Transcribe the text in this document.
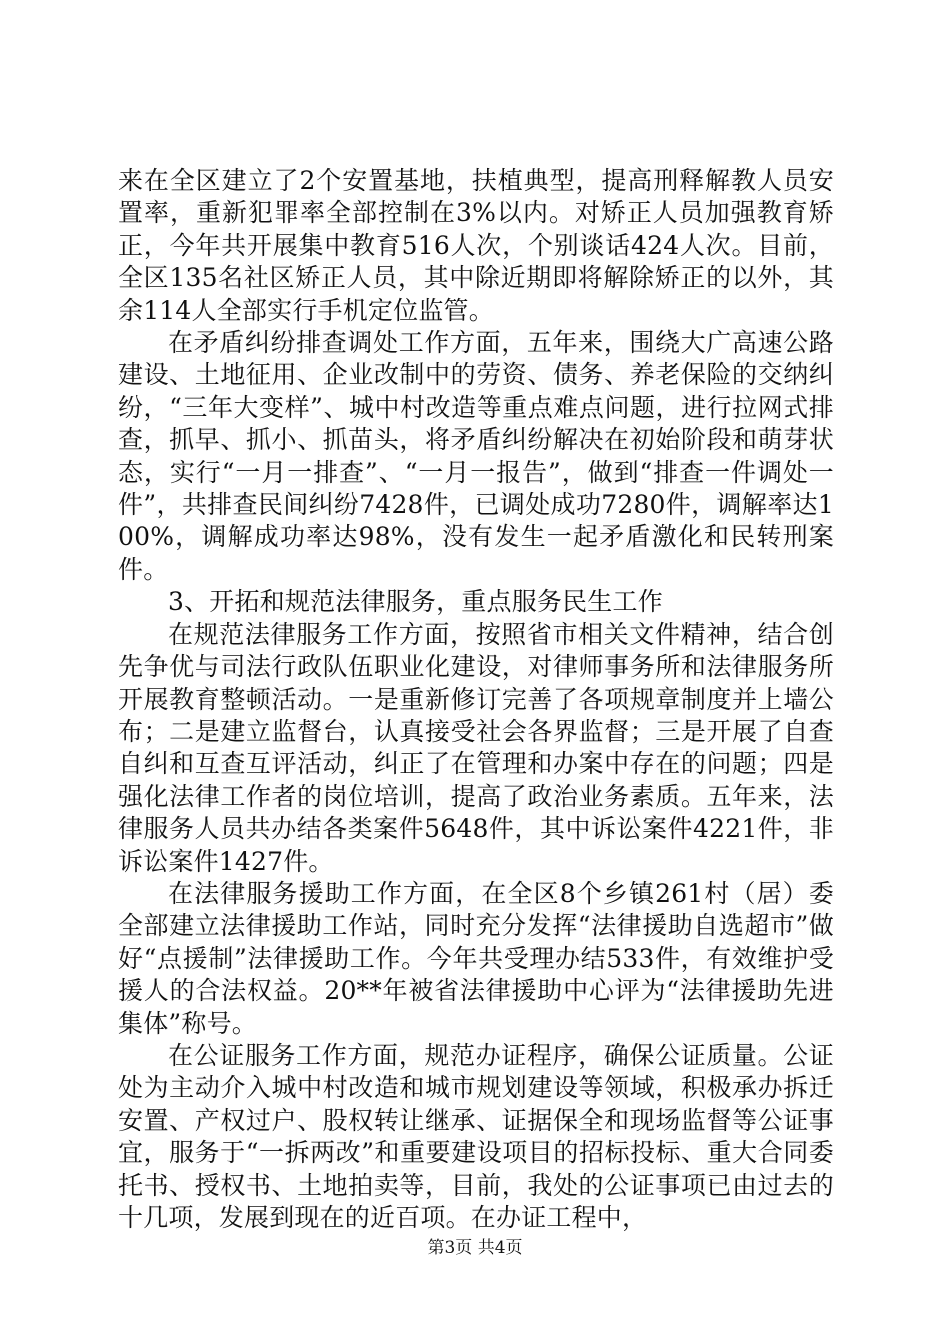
来在全区建立了2个安置基地，扶植典型，提高刑释解教人员安置率，重新犯罪率全部控制在3%以内。对矫正人员加强教育矫正，今年共开展集中教育516人次，个别谈话424人次。目前，全区135名社区矫正人员，其中除近期即将解除矫正的以外，其余114人全部实行手机定位监管。

在矛盾纠纷排查调处工作方面，五年来，围绕大广高速公路建设、土地征用、企业改制中的劳资、债务、养老保险的交纳纠纷，“三年大变样”、城中村改造等重点难点问题，进行拉网式排查，抓早、抓小、抓苗头，将矛盾纠纷解决在初始阶段和萌芽状态，实行“一月一排查”、“一月一报告”，做到“排查一件调处一件”，共排查民间纠纷7428件，已调处成功7280件，调解率达100%，调解成功率达98%，没有发生一起矛盾激化和民转刑案件。

3、开拓和规范法律服务，重点服务民生工作

在规范法律服务工作方面，按照省市相关文件精神，结合创先争优与司法行政队伍职业化建设，对律师事务所和法律服务所开展教育整顿活动。一是重新修订完善了各项规章制度并上墙公布；二是建立监督台，认真接受社会各界监督；三是开展了自查自纠和互查互评活动，纠正了在管理和办案中存在的问题；四是强化法律工作者的岗位培训，提高了政治业务素质。五年来，法律服务人员共办结各类案件5648件，其中诉讼案件4221件，非诉讼案件1427件。

在法律服务援助工作方面，在全区8个乡镇261村（居）委全部建立法律援助工作站，同时充分发挥“法律援助自选超市”做好“点援制”法律援助工作。今年共受理办结533件，有效维护受援人的合法权益。20**年被省法律援助中心评为“法律援助先进集体”称号。

在公证服务工作方面，规范办证程序，确保公证质量。公证处为主动介入城中村改造和城市规划建设等领域，积极承办拆迁安置、产权过户、股权转让继承、证据保全和现场监督等公证事宜，服务于“一拆两改”和重要建设项目的招标投标、重大合同委托书、授权书、土地拍卖等，目前，我处的公证事项已由过去的十几项，发展到现在的近百项。在办证工程中，

第3页 共4页
